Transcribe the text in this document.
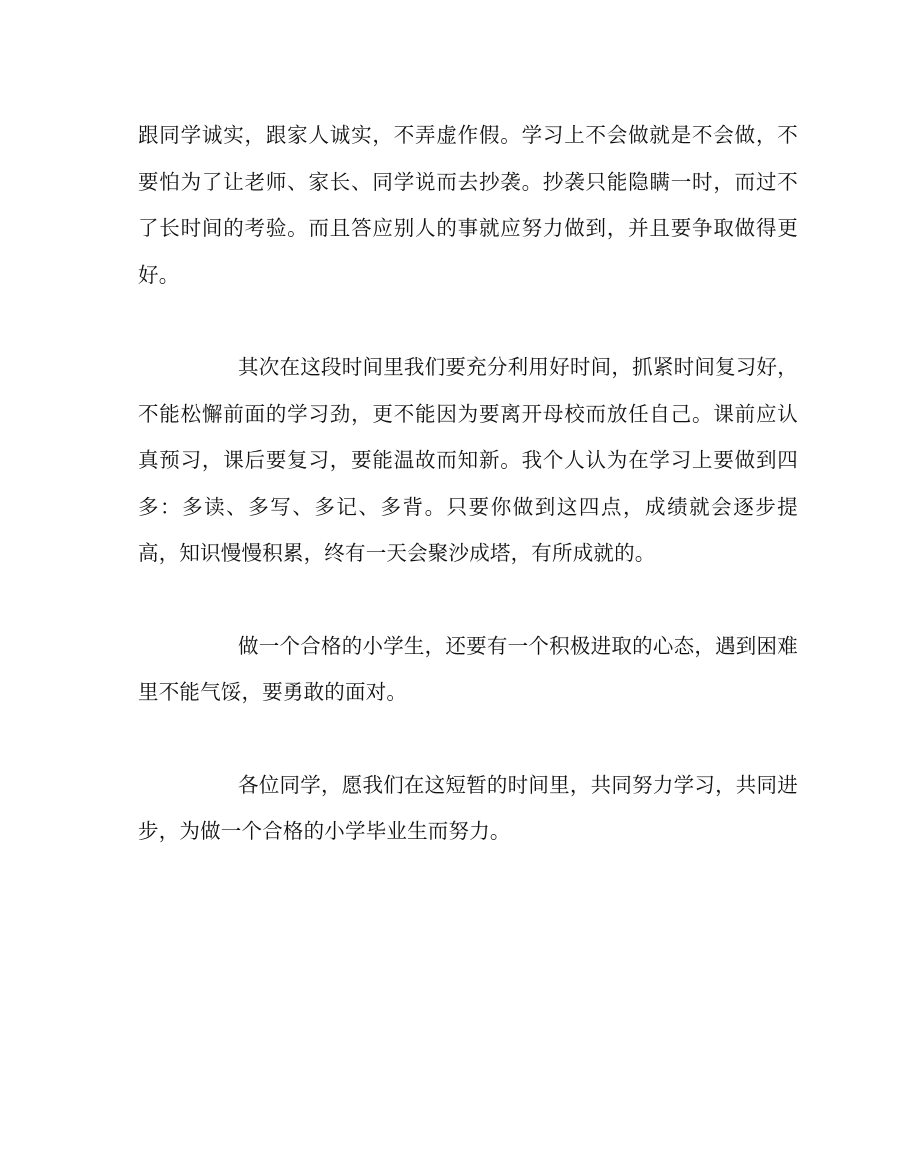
跟同学诚实，跟家人诚实，不弄虚作假。学习上不会做就是不会做，不要怕为了让老师、家长、同学说而去抄袭。抄袭只能隐瞒一时，而过不了长时间的考验。而且答应别人的事就应努力做到，并且要争取做得更好。

其次在这段时间里我们要充分利用好时间，抓紧时间复习好，不能松懈前面的学习劲，更不能因为要离开母校而放任自己。课前应认真预习，课后要复习，要能温故而知新。我个人认为在学习上要做到四多：多读、多写、多记、多背。只要你做到这四点，成绩就会逐步提高，知识慢慢积累，终有一天会聚沙成塔，有所成就的。

做一个合格的小学生，还要有一个积极进取的心态，遇到困难里不能气馁，要勇敢的面对。

各位同学，愿我们在这短暂的时间里，共同努力学习，共同进步，为做一个合格的小学毕业生而努力。
